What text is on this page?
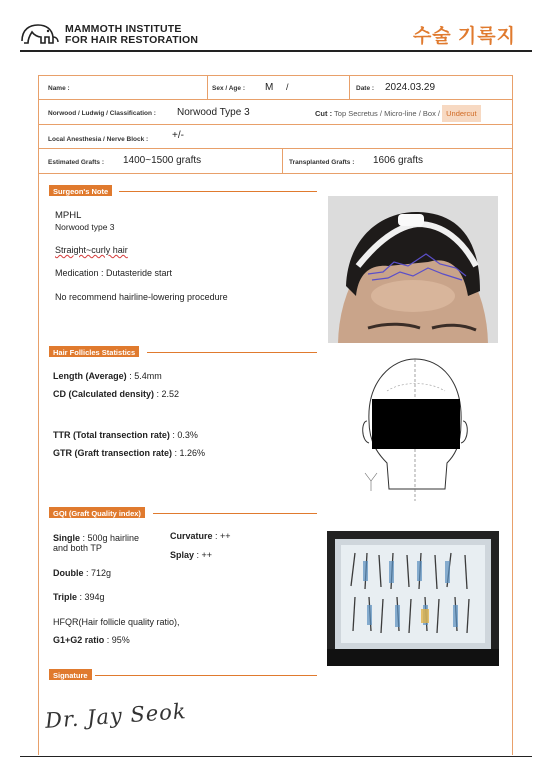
MAMMOTH INSTITUTE
FOR HAIR RESTORATION	수술 기록지
Name :	Sex / Age : M /	Date : 2024.03.29
Norwood / Ludwig / Classification : Norwood Type 3	Cut : Top Secretus / Micro-line / Box / Undercut
Local Anesthesia / Nerve Block : +/-
Estimated Grafts : 1400~1500 grafts	Transplanted Grafts : 1606 grafts
Surgeon's Note
MPHL
Norwood type 3
Straight~curly hair
Medication : Dutasteride start
No recommend hairline-lowering procedure
Hair Follicles Statistics
Length (Average) : 5.4mm
CD (Calculated density) : 2.52
TTR (Total transection rate) : 0.3%
GTR (Graft transection rate) : 1.26%
GQI (Graft Quality index)
Single : 500g hairline
and both TP
Curvature : ++
Splay : ++
Double : 712g
Triple : 394g
HFQR(Hair follicle quality ratio),
G1+G2 ratio : 95%
Signature
Dr. Jay Seok
